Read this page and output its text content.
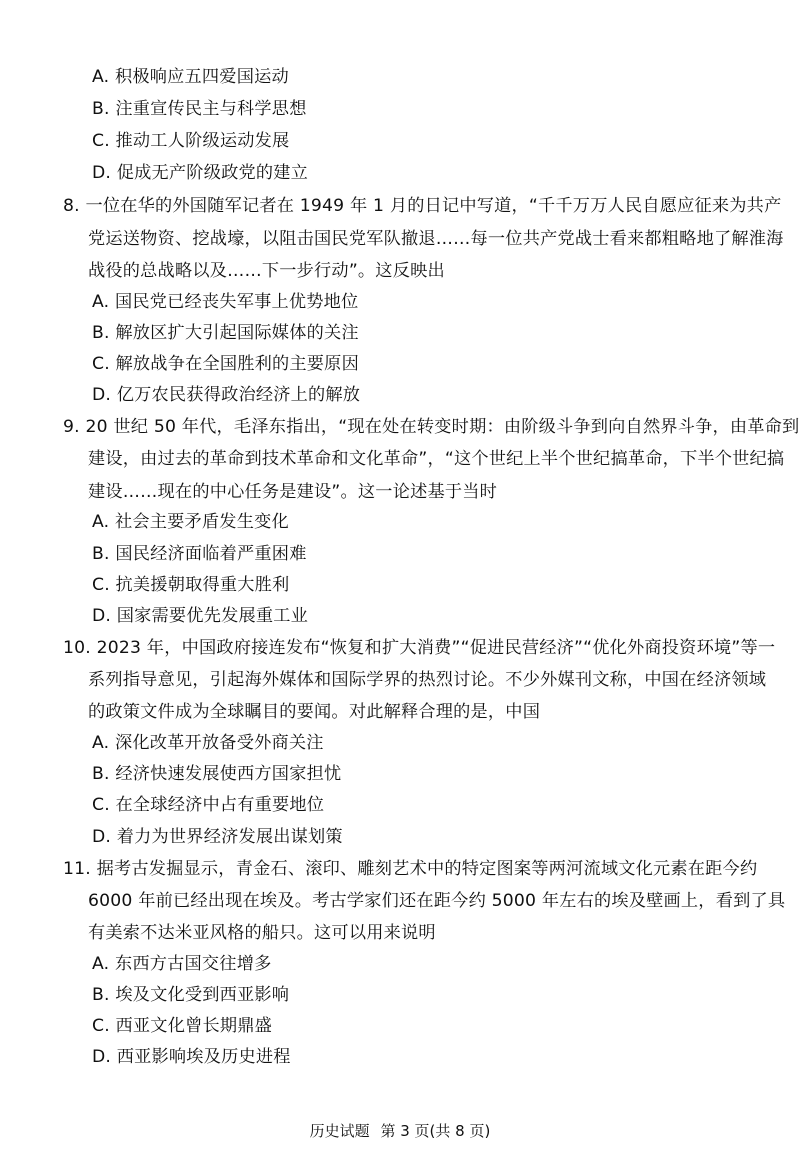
A. 积极响应五四爱国运动
B. 注重宣传民主与科学思想
C. 推动工人阶级运动发展
D. 促成无产阶级政党的建立
8. 一位在华的外国随军记者在 1949 年 1 月的日记中写道，“千千万万人民自愿应征来为共产
党运送物资、挖战壕，以阻击国民党军队撤退……每一位共产党战士看来都粗略地了解淮海
战役的总战略以及……下一步行动”。这反映出
A. 国民党已经丧失军事上优势地位
B. 解放区扩大引起国际媒体的关注
C. 解放战争在全国胜利的主要原因
D. 亿万农民获得政治经济上的解放
9. 20 世纪 50 年代，毛泽东指出，“现在处在转变时期：由阶级斗争到向自然界斗争，由革命到
建设，由过去的革命到技术革命和文化革命”，“这个世纪上半个世纪搞革命，下半个世纪搞
建设……现在的中心任务是建设”。这一论述基于当时
A. 社会主要矛盾发生变化
B. 国民经济面临着严重困难
C. 抗美援朝取得重大胜利
D. 国家需要优先发展重工业
10. 2023 年，中国政府接连发布“恢复和扩大消费”“促进民营经济”“优化外商投资环境”等一
系列指导意见，引起海外媒体和国际学界的热烈讨论。不少外媒刊文称，中国在经济领域
的政策文件成为全球瞩目的要闻。对此解释合理的是，中国
A. 深化改革开放备受外商关注
B. 经济快速发展使西方国家担忧
C. 在全球经济中占有重要地位
D. 着力为世界经济发展出谋划策
11. 据考古发掘显示，青金石、滚印、雕刻艺术中的特定图案等两河流域文化元素在距今约
6000 年前已经出现在埃及。考古学家们还在距今约 5000 年左右的埃及壁画上，看到了具
有美索不达米亚风格的船只。这可以用来说明
A. 东西方古国交往增多
B. 埃及文化受到西亚影响
C. 西亚文化曾长期鼎盛
D. 西亚影响埃及历史进程
历史试题 第 3 页(共 8 页)
